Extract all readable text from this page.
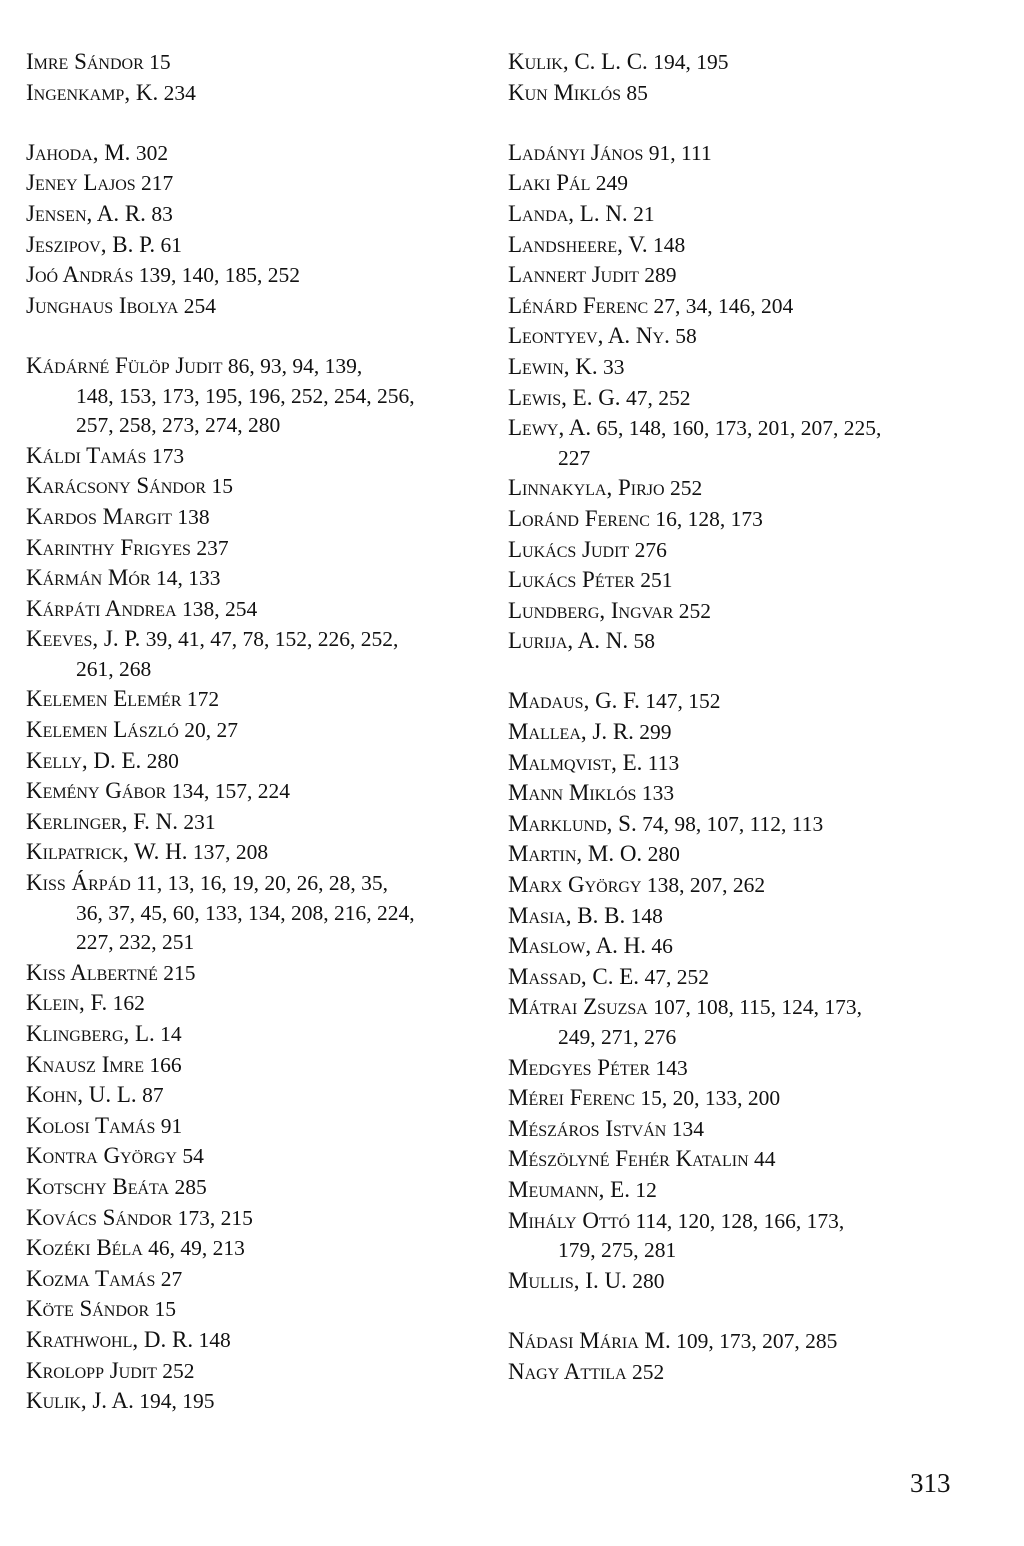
Imre Sándor 15
Ingenkamp, K. 234
Jahoda, M. 302
Jeney Lajos 217
Jensen, A. R. 83
Jeszipov, B. P. 61
Joó András 139, 140, 185, 252
Junghaus Ibolya 254
Kádárné Fülöp Judit 86, 93, 94, 139,
148, 153, 173, 195, 196, 252, 254, 256,
257, 258, 273, 274, 280
Káldi Tamás 173
Karácsony Sándor 15
Kardos Margit 138
Karinthy Frigyes 237
Kármán Mór 14, 133
Kárpáti Andrea 138, 254
Keeves, J. P. 39, 41, 47, 78, 152, 226, 252,
261, 268
Kelemen Elemér 172
Kelemen László 20, 27
Kelly, D. E. 280
Kemény Gábor 134, 157, 224
Kerlinger, F. N. 231
Kilpatrick, W. H. 137, 208
Kiss Árpád 11, 13, 16, 19, 20, 26, 28, 35,
36, 37, 45, 60, 133, 134, 208, 216, 224,
227, 232, 251
Kiss Albertné 215
Klein, F. 162
Klingberg, L. 14
Knausz Imre 166
Kohn, U. L. 87
Kolosi Tamás 91
Kontra György 54
Kotschy Beáta 285
Kovács Sándor 173, 215
Kozéki Béla 46, 49, 213
Kozma Tamás 27
Köte Sándor 15
Krathwohl, D. R. 148
Krolopp Judit 252
Kulik, J. A. 194, 195
Kulik, C. L. C. 194, 195
Kun Miklós 85
Ladányi János 91, 111
Laki Pál 249
Landa, L. N. 21
Landsheere, V. 148
Lannert Judit 289
Lénárd Ferenc 27, 34, 146, 204
Leontyev, A. Ny. 58
Lewin, K. 33
Lewis, E. G. 47, 252
Lewy, A. 65, 148, 160, 173, 201, 207, 225,
227
Linnakyla, Pirjo 252
Loránd Ferenc 16, 128, 173
Lukács Judit 276
Lukács Péter 251
Lundberg, Ingvar 252
Lurija, A. N. 58
Madaus, G. F. 147, 152
Mallea, J. R. 299
Malmqvist, E. 113
Mann Miklós 133
Marklund, S. 74, 98, 107, 112, 113
Martin, M. O. 280
Marx György 138, 207, 262
Masia, B. B. 148
Maslow, A. H. 46
Massad, C. E. 47, 252
Mátrai Zsuzsa 107, 108, 115, 124, 173,
249, 271, 276
Medgyes Péter 143
Mérei Ferenc 15, 20, 133, 200
Mészáros István 134
Mészölyné Fehér Katalin 44
Meumann, E. 12
Mihály Ottó 114, 120, 128, 166, 173,
179, 275, 281
Mullis, I. U. 280
Nádasi Mária M. 109, 173, 207, 285
Nagy Attila 252
313
